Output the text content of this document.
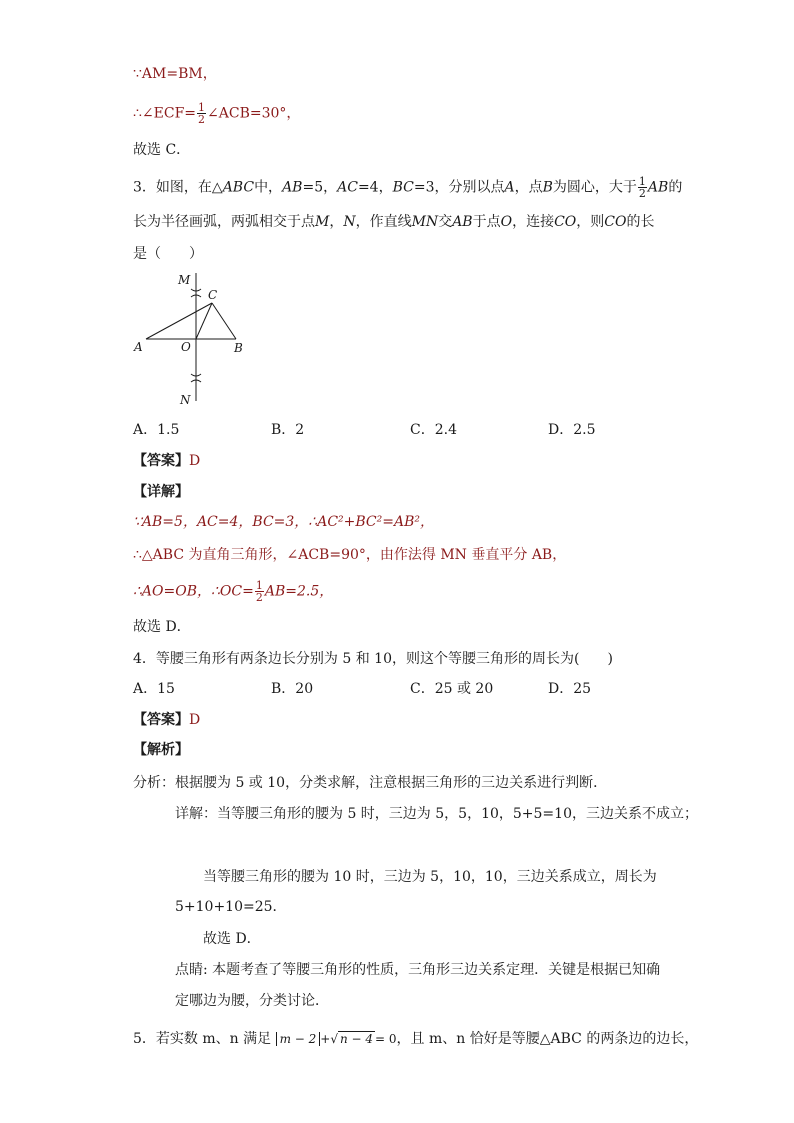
∵AM=BM，
∴∠ECF= $\frac{1}{2}$ ∠ACB=30°，
故选 C．
3．如图，在△ABC中，AB=5，AC=4，BC=3，分别以点A，点B为圆心，大于 $\frac{1}{2}$ AB的
长为半径画弧，两弧相交于点M，N，作直线MN交AB于点O，连接CO，则CO的长
是（　　）
M
C
A	O	B
N
A．1.5	B．2	C．2.4	D．2.5
【答案】D
【详解】
∵AB=5，AC=4，BC=3，∴AC²+BC²=AB²，
∴△ABC 为直角三角形，∠ACB=90°，由作法得 MN 垂直平分 AB，
∴AO=OB，∴OC= $\frac{1}{2} AB=2.5$，
故选 D．
4．等腰三角形有两条边长分别为 5 和 10，则这个等腰三角形的周长为(　　)
A．15	B．20	C．25 或 20	D．25
【答案】D
【解析】
分析：根据腰为 5 或 10，分类求解，注意根据三角形的三边关系进行判断．
详解：当等腰三角形的腰为 5 时，三边为 5，5，10，5+5=10，三边关系不成立；
当等腰三角形的腰为 10 时，三边为 5，10，10，三边关系成立，周长为
5+10+10=25．
故选 D．
点睛: 本题考查了等腰三角形的性质，三角形三边关系定理．关键是根据已知确
定哪边为腰，分类讨论．
5．若实数 m、n 满足 m − 2 +√ n − 4 = 0，且 m、n 恰好是等腰△ABC 的两条边的边长，
